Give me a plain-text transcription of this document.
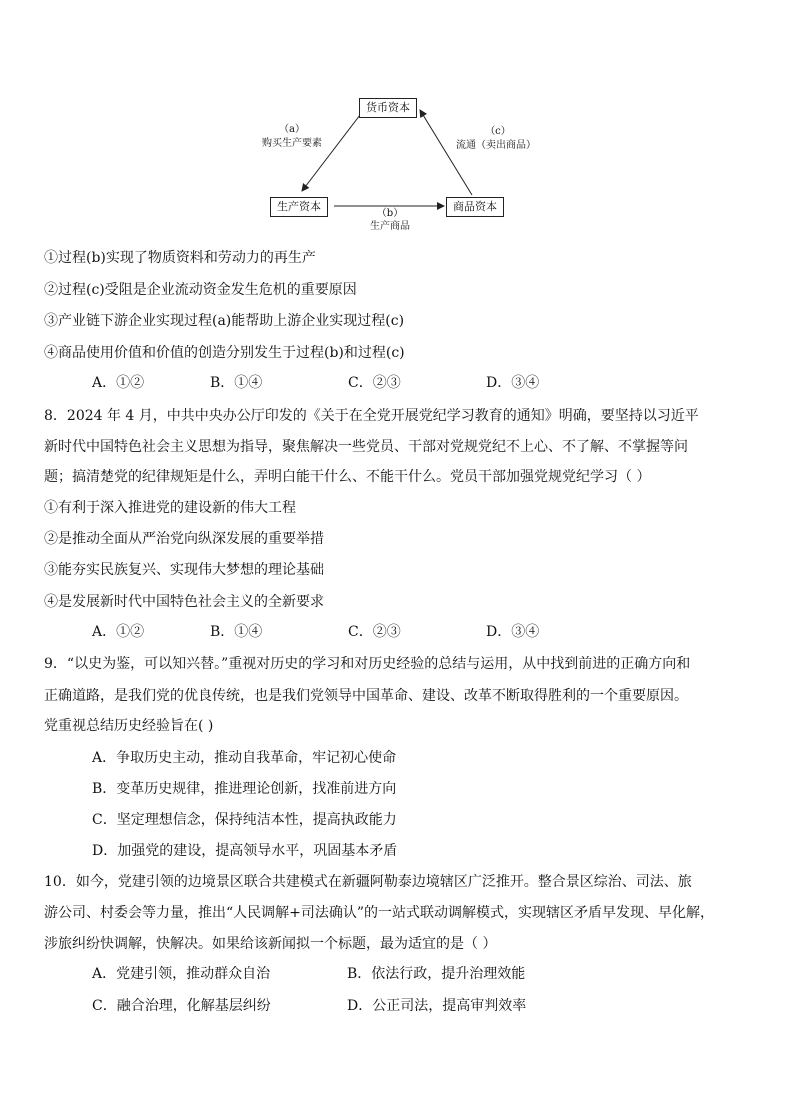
货币资本
生产资本	商品资本
（a）
购买生产要素
（b）
生产商品
（c）
流通（卖出商品）
①过程(b)实现了物质资料和劳动力的再生产
②过程(c)受阻是企业流动资金发生危机的重要原因
③产业链下游企业实现过程(a)能帮助上游企业实现过程(c)
④商品使用价值和价值的创造分别发生于过程(b)和过程(c)
A．①②	B．①④	C．②③	D．③④
8．2024 年 4 月，中共中央办公厅印发的《关于在全党开展党纪学习教育的通知》明确，要坚持以习近平
新时代中国特色社会主义思想为指导，聚焦解决一些党员、干部对党规党纪不上心、不了解、不掌握等问
题；搞清楚党的纪律规矩是什么，弄明白能干什么、不能干什么。党员干部加强党规党纪学习（ ）
①有利于深入推进党的建设新的伟大工程
②是推动全面从严治党向纵深发展的重要举措
③能夯实民族复兴、实现伟大梦想的理论基础
④是发展新时代中国特色社会主义的全新要求
A．①②	B．①④	C．②③	D．③④
9．“以史为鉴，可以知兴替。”重视对历史的学习和对历史经验的总结与运用，从中找到前进的正确方向和
正确道路，是我们党的优良传统，也是我们党领导中国革命、建设、改革不断取得胜利的一个重要原因。
党重视总结历史经验旨在( )
A．争取历史主动，推动自我革命，牢记初心使命
B．变革历史规律，推进理论创新，找准前进方向
C．坚定理想信念，保持纯洁本性，提高执政能力
D．加强党的建设，提高领导水平，巩固基本矛盾
10．如今，党建引领的边境景区联合共建模式在新疆阿勒泰边境辖区广泛推开。整合景区综治、司法、旅
游公司、村委会等力量，推出“人民调解+司法确认”的一站式联动调解模式，实现辖区矛盾早发现、早化解，
涉旅纠纷快调解，快解决。如果给该新闻拟一个标题，最为适宜的是（ ）
A．党建引领，推动群众自治	B．依法行政，提升治理效能
C．融合治理，化解基层纠纷	D．公正司法，提高审判效率
